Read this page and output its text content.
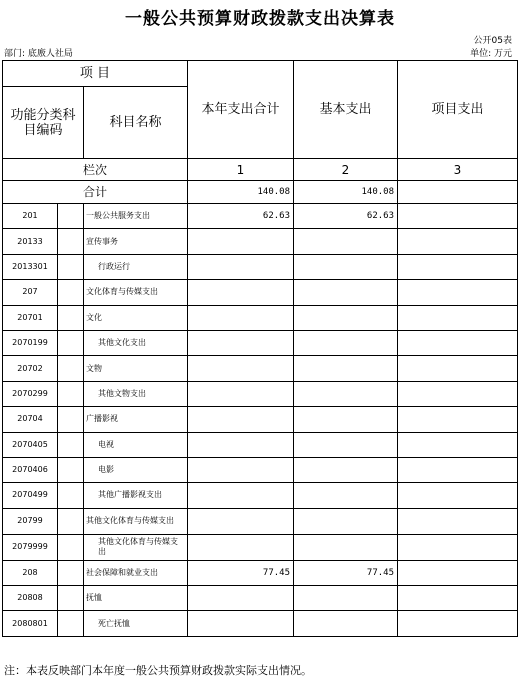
一般公共预算财政拨款支出决算表
公开05表
部门: 底廒人社局	单位: 万元
项 目			本年支出合计	基本支出	项目支出
功能分类科目编码		科目名称			

栏次			1	2	3
合计			140.08	140.08	
201		一般公共服务支出	62.63	62.63	
20133		宣传事务			
2013301		行政运行			
207		文化体育与传媒支出			
20701		文化			
2070199		其他文化支出			
20702		文物			
2070299		其他文物支出			
20704		广播影视			
2070405		电视			
2070406		电影			
2070499		其他广播影视支出			
20799		其他文化体育与传媒支出			
2079999		其他文化体育与传媒支出			
208		社会保障和就业支出	77.45	77.45	
20808		抚恤			
2080801		死亡抚恤			
注：本表反映部门本年度一般公共预算财政拨款实际支出情况。
